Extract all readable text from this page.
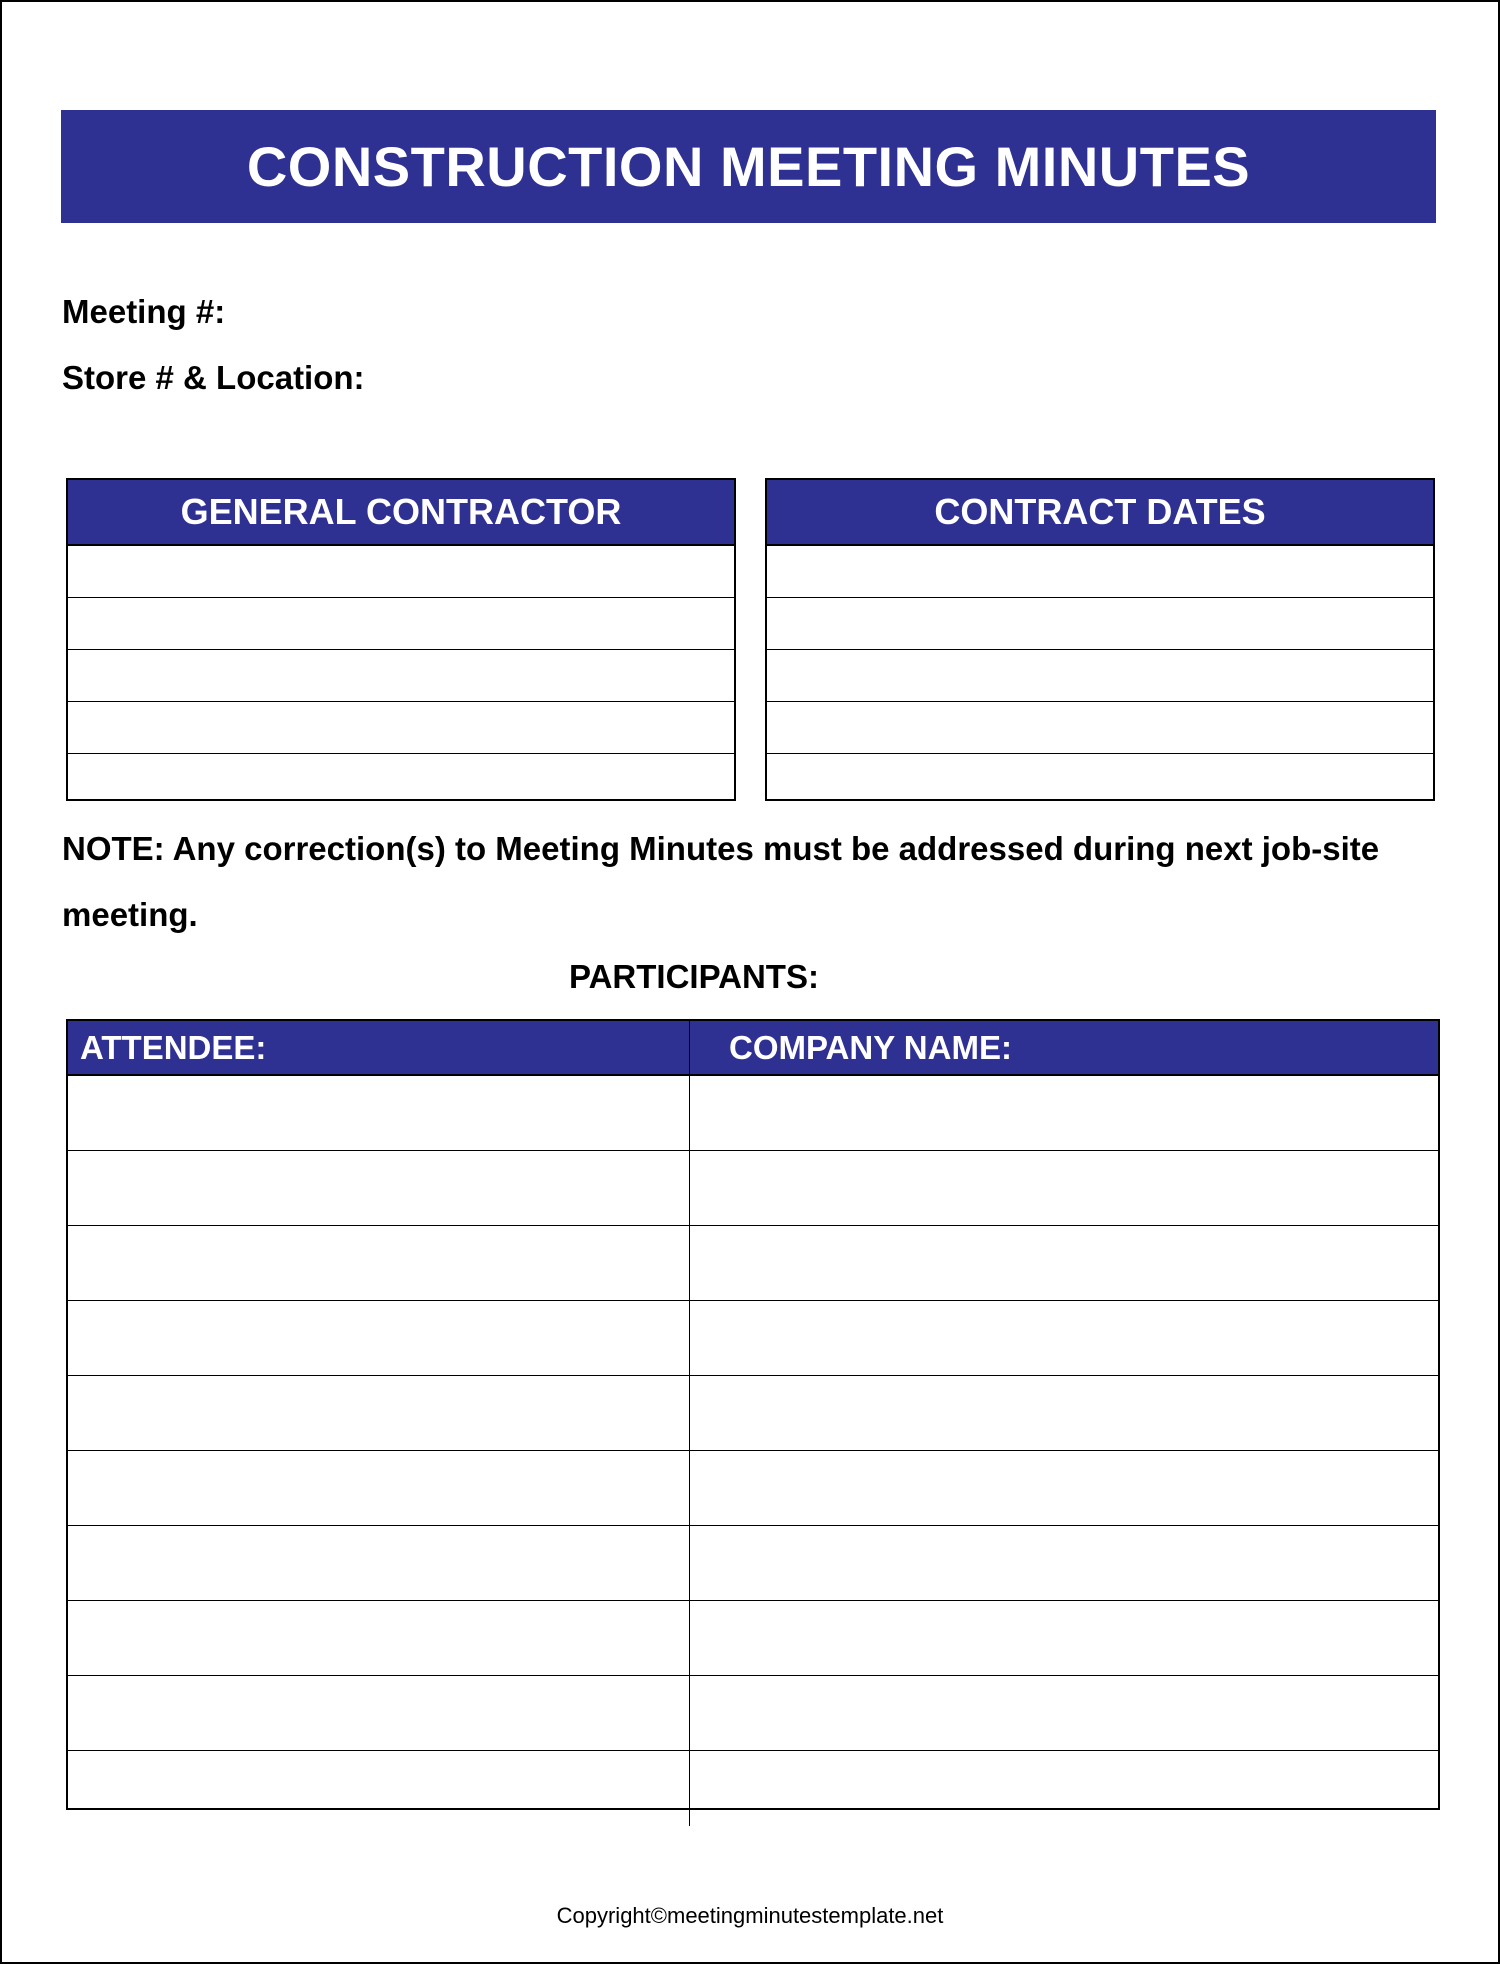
CONSTRUCTION MEETING MINUTES
Meeting #:
Store # & Location:
GENERAL CONTRACTOR	CONTRACT DATES
NOTE: Any correction(s) to Meeting Minutes must be addressed during next job-site meeting.
PARTICIPANTS:
ATTENDEE:	COMPANY NAME:
Copyright©meetingminutestemplate.net
